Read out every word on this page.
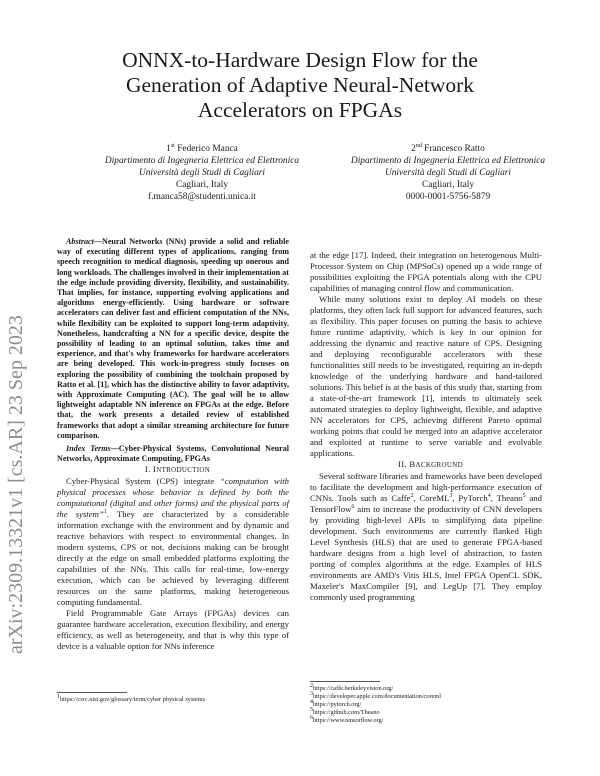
ONNX-to-Hardware Design Flow for the
Generation of Adaptive Neural-Network
Accelerators on FPGAs
1st Federico Manca
Dipartimento di Ingegneria Elettrica ed Elettronica
Università degli Studi di Cagliari
Cagliari, Italy
f.manca58@studenti.unica.it
2nd Francesco Ratto
Dipartimento di Ingegneria Elettrica ed Elettronica
Università degli Studi di Cagliari
Cagliari, Italy
0000-0001-5756-5879
arXiv:2309.13321v1 [cs.AR] 23 Sep 2023

Abstract—Neural Networks (NNs) provide a solid and reliable way of executing different types of applications, ranging from speech recognition to medical diagnosis, speeding up onerous and long workloads. The challenges involved in their implementation at the edge include providing diversity, flexibility, and sustainability. That implies, for instance, supporting evolving applications and algorithms energy-efficiently. Using hardware or software accelerators can deliver fast and efficient computation of the NNs, while flexibility can be exploited to support long-term adaptivity. Nonetheless, handcrafting a NN for a specific device, despite the possibility of leading to an optimal solution, takes time and experience, and that's why frameworks for hardware accelerators are being developed. This work-in-progress study focuses on exploring the possibility of combining the toolchain proposed by Ratto et al. [1], which has the distinctive ability to favor adaptivity, with Approximate Computing (AC). The goal will be to allow lightweight adaptable NN inference on FPGAs at the edge. Before that, the work presents a detailed review of established frameworks that adopt a similar streaming architecture for future comparison.

Index Terms—Cyber-Physical Systems, Convolutional Neural Networks, Approximate Computing, FPGAs

I. INTRODUCTION

Cyber-Physical System (CPS) integrate “computation with physical processes whose behavior is defined by both the computational (digital and other forms) and the physical parts of the system”$^1$. They are characterized by a considerable information exchange with the environment and by dynamic and reactive behaviors with respect to environmental changes. In modern systems, CPS or not, decisions making can be brought directly at the edge on small embedded platforms exploiting the capabilities of the NNs. This calls for real-time, low-energy execution, which can be achieved by leveraging different resources on the same platforms, making heterogeneous computing fundamental.

Field Programmable Gate Arrays (FPGAs) devices can guarantee hardware acceleration, execution flexibility, and energy efficiency, as well as heterogeneity, and that is why this type of device is a valuable option for NNs inference

$^1$https://csrc.nist.gov/glossary/term/cyber physical systems

at the edge [17]. Indeed, their integration on heterogenous Multi-Processor System on Chip (MPSoCs) opened up a wide range of possibilities exploiting the FPGA potentials along with the CPU capabilities of managing control flow and communication.

While many solutions exist to deploy AI models on these platforms, they often lack full support for advanced features, such as flexibility. This paper focuses on putting the basis to achieve future runtime adaptivity, which is key in our opinion for addressing the dynamic and reactive nature of CPS. Designing and deploying reconfigurable accelerators with these functionalities still needs to be investigated, requiring an in-depth knowledge of the underlying hardware and hand-tailored solutions. This belief is at the basis of this study that, starting from a state-of-the-art framework [1], intends to ultimately seek automated strategies to deploy lightweight, flexible, and adaptive NN accelerators for CPS, achieving different Pareto optimal working points that could be merged into an adaptive accelerator and exploited at runtime to serve variable and evolvable applications.

II. BACKGROUND

Several software libraries and frameworks have been developed to facilitate the development and high-performance execution of CNNs. Tools such as Caffe$^2$, CoreML$^3$, PyTorch$^4$, Theano$^5$ and TensorFlow$^6$ aim to increase the productivity of CNN developers by providing high-level APIs to simplifying data pipeline development. Such environments are currently flanked High Level Synthesis (HLS) that are used to generate FPGA-based hardware designs from a high level of abstraction, to fasten porting of complex algorithms at the edge. Examples of HLS environments are AMD's Vitis HLS, Intel FPGA OpenCL SDK, Maxeler's MaxCompiler [9], and LegUp [7]. They employ commonly used programming

$^2$https://caffe.berkeleyvision.org/
$^3$https://developer.apple.com/documentation/coreml
$^4$https://pytorch.org/
$^5$https://github.com/Theano
$^6$https://www.tensorflow.org/
